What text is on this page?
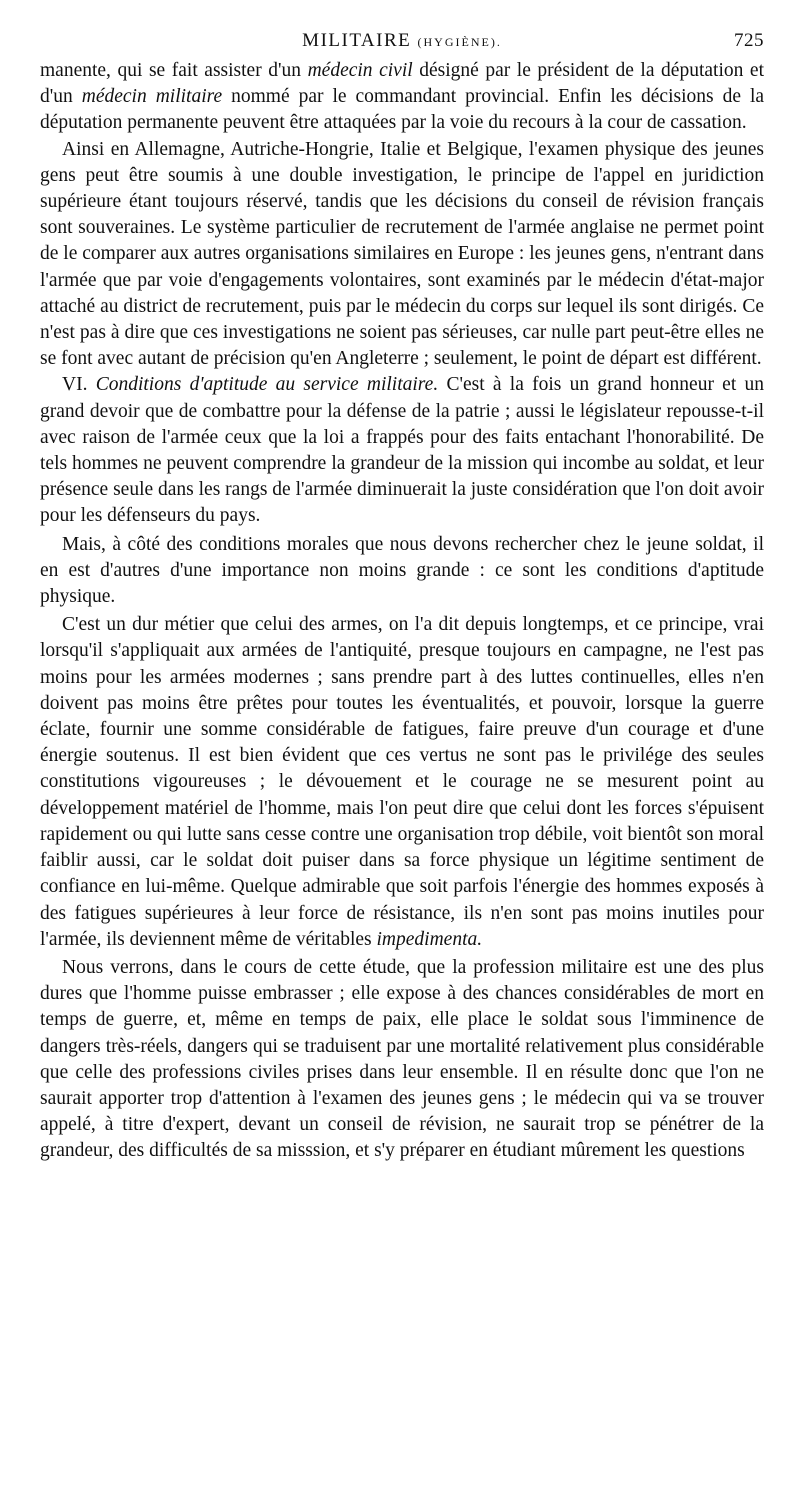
MILITAIRE (HYGIÈNE).	725

manente, qui se fait assister d'un médecin civil désigné par le président de la députation et d'un médecin militaire nommé par le commandant provincial. Enfin les décisions de la députation permanente peuvent être attaquées par la voie du recours à la cour de cassation.

Ainsi en Allemagne, Autriche-Hongrie, Italie et Belgique, l'examen physique des jeunes gens peut être soumis à une double investigation, le principe de l'appel en juridiction supérieure étant toujours réservé, tandis que les décisions du conseil de révision français sont souveraines. Le système particulier de recrutement de l'armée anglaise ne permet point de le comparer aux autres organisations similaires en Europe : les jeunes gens, n'entrant dans l'armée que par voie d'engagements volontaires, sont examinés par le médecin d'état-major attaché au district de recrutement, puis par le médecin du corps sur lequel ils sont dirigés. Ce n'est pas à dire que ces investigations ne soient pas sérieuses, car nulle part peut-être elles ne se font avec autant de précision qu'en Angleterre ; seulement, le point de départ est différent.

VI. Conditions d'aptitude au service militaire. C'est à la fois un grand honneur et un grand devoir que de combattre pour la défense de la patrie ; aussi le législateur repousse-t-il avec raison de l'armée ceux que la loi a frappés pour des faits entachant l'honorabilité. De tels hommes ne peuvent comprendre la grandeur de la mission qui incombe au soldat, et leur présence seule dans les rangs de l'armée diminuerait la juste considération que l'on doit avoir pour les défenseurs du pays.

Mais, à côté des conditions morales que nous devons rechercher chez le jeune soldat, il en est d'autres d'une importance non moins grande : ce sont les conditions d'aptitude physique.

C'est un dur métier que celui des armes, on l'a dit depuis longtemps, et ce principe, vrai lorsqu'il s'appliquait aux armées de l'antiquité, presque toujours en campagne, ne l'est pas moins pour les armées modernes ; sans prendre part à des luttes continuelles, elles n'en doivent pas moins être prêtes pour toutes les éventualités, et pouvoir, lorsque la guerre éclate, fournir une somme considérable de fatigues, faire preuve d'un courage et d'une énergie soutenus. Il est bien évident que ces vertus ne sont pas le privilége des seules constitutions vigoureuses ; le dévouement et le courage ne se mesurent point au développement matériel de l'homme, mais l'on peut dire que celui dont les forces s'épuisent rapidement ou qui lutte sans cesse contre une organisation trop débile, voit bientôt son moral faiblir aussi, car le soldat doit puiser dans sa force physique un légitime sentiment de confiance en lui-même. Quelque admirable que soit parfois l'énergie des hommes exposés à des fatigues supérieures à leur force de résistance, ils n'en sont pas moins inutiles pour l'armée, ils deviennent même de véritables impedimenta.

Nous verrons, dans le cours de cette étude, que la profession militaire est une des plus dures que l'homme puisse embrasser ; elle expose à des chances considérables de mort en temps de guerre, et, même en temps de paix, elle place le soldat sous l'imminence de dangers très-réels, dangers qui se traduisent par une mortalité relativement plus considérable que celle des professions civiles prises dans leur ensemble. Il en résulte donc que l'on ne saurait apporter trop d'attention à l'examen des jeunes gens ; le médecin qui va se trouver appelé, à titre d'expert, devant un conseil de révision, ne saurait trop se pénétrer de la grandeur, des difficultés de sa misssion, et s'y préparer en étudiant mûrement les questions
